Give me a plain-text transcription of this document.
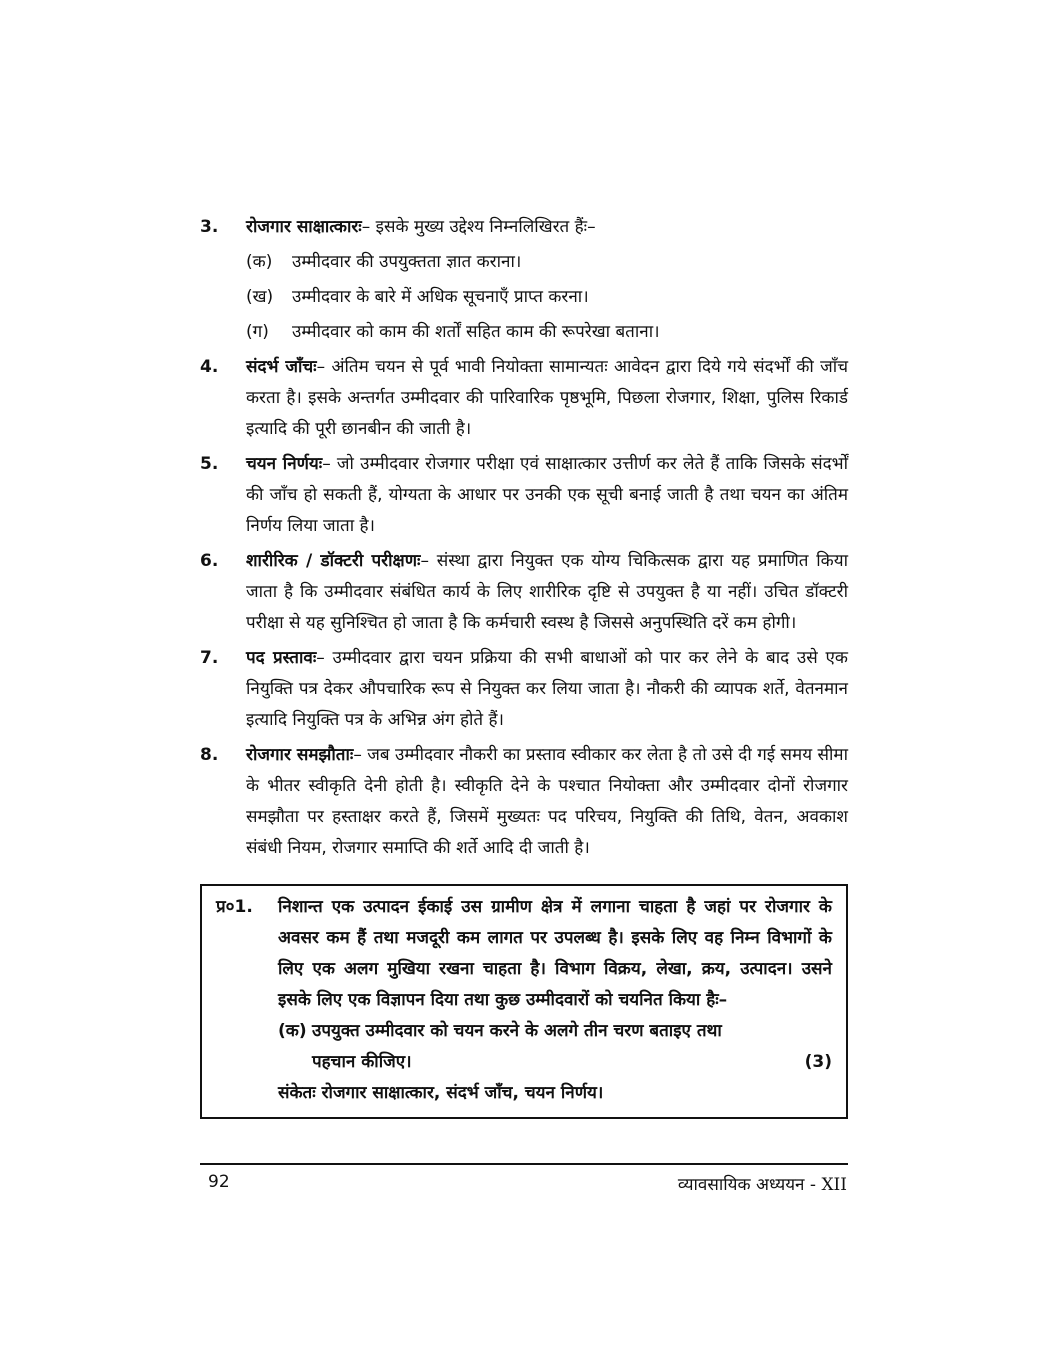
3. रोजगार साक्षात्कारः– इसके मुख्य उद्देश्य निम्नलिखिरत हैंः–
(क) उम्मीदवार की उपयुक्तता ज्ञात कराना।
(ख) उम्मीदवार के बारे में अधिक सूचनाएँ प्राप्त करना।
(ग) उम्मीदवार को काम की शर्तों सहित काम की रूपरेखा बताना।
4. संदर्भ जाँचः– अंतिम चयन से पूर्व भावी नियोक्ता सामान्यतः आवेदन द्वारा दिये गये संदर्भों की जाँच करता है। इसके अन्तर्गत उम्मीदवार की पारिवारिक पृष्ठभूमि, पिछला रोजगार, शिक्षा, पुलिस रिकार्ड इत्यादि की पूरी छानबीन की जाती है।
5. चयन निर्णयः– जो उम्मीदवार रोजगार परीक्षा एवं साक्षात्कार उत्तीर्ण कर लेते हैं ताकि जिसके संदर्भों की जाँच हो सकती हैं, योग्यता के आधार पर उनकी एक सूची बनाई जाती है तथा चयन का अंतिम निर्णय लिया जाता है।
6. शारीरिक / डॉक्टरी परीक्षणः– संस्था द्वारा नियुक्त एक योग्य चिकित्सक द्वारा यह प्रमाणित किया जाता है कि उम्मीदवार संबंधित कार्य के लिए शारीरिक दृष्टि से उपयुक्त है या नहीं। उचित डॉक्टरी परीक्षा से यह सुनिश्चित हो जाता है कि कर्मचारी स्वस्थ है जिससे अनुपस्थिति दरें कम होगी।
7. पद प्रस्तावः– उम्मीदवार द्वारा चयन प्रक्रिया की सभी बाधाओं को पार कर लेने के बाद उसे एक नियुक्ति पत्र देकर औपचारिक रूप से नियुक्त कर लिया जाता है। नौकरी की व्यापक शर्ते, वेतनमान इत्यादि नियुक्ति पत्र के अभिन्न अंग होते हैं।
8. रोजगार समझौताः– जब उम्मीदवार नौकरी का प्रस्ताव स्वीकार कर लेता है तो उसे दी गई समय सीमा के भीतर स्वीकृति देनी होती है। स्वीकृति देने के पश्चात नियोक्ता और उम्मीदवार दोनों रोजगार समझौता पर हस्ताक्षर करते हैं, जिसमें मुख्यतः पद परिचय, नियुक्ति की तिथि, वेतन, अवकाश संबंधी नियम, रोजगार समाप्ति की शर्ते आदि दी जाती है।
प्र०1. निशान्त एक उत्पादन ईकाई उस ग्रामीण क्षेत्र में लगाना चाहता है जहां पर रोजगार के अवसर कम हैं तथा मजदूरी कम लागत पर उपलब्ध है। इसके लिए वह निम्न विभागों के लिए एक अलग मुखिया रखना चाहता है। विभाग विक्रय, लेखा, क्रय, उत्पादन। उसने इसके लिए एक विज्ञापन दिया तथा कुछ उम्मीदवारों को चयनित किया हैः–
(क) उपयुक्त उम्मीदवार को चयन करने के अलगे तीन चरण बताइए तथा
पहचान कीजिए।	(3)
संकेतः रोजगार साक्षात्कार, संदर्भ जाँच, चयन निर्णय।
92	व्यावसायिक अध्ययन - XII
